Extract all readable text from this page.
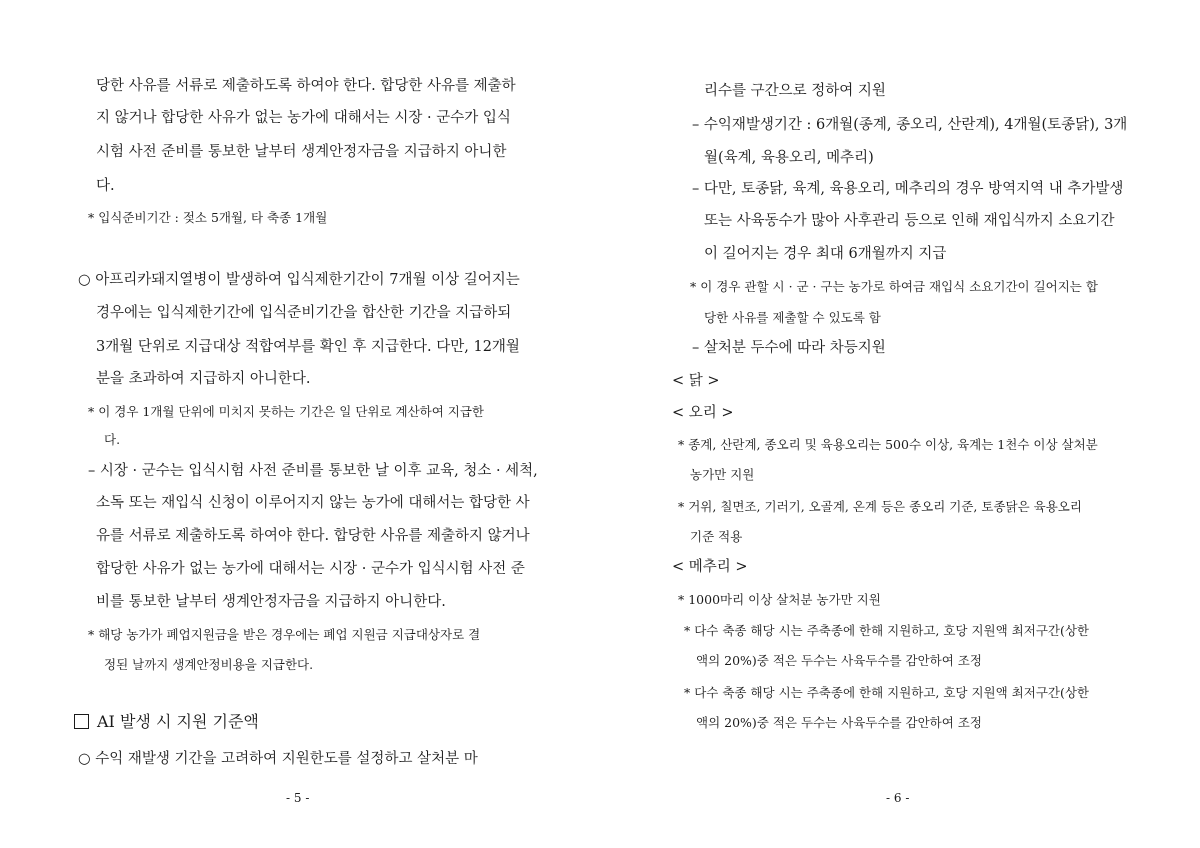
당한 사유를 서류로 제출하도록 하여야 한다. 합당한 사유를 제출하
지 않거나 합당한 사유가 없는 농가에 대해서는 시장 · 군수가 입식
시험 사전 준비를 통보한 날부터 생계안정자금을 지급하지 아니한
다.
* 입식준비기간 : 젖소 5개월, 타 축종 1개월
○ 아프리카돼지열병이 발생하여 입식제한기간이 7개월 이상 길어지는
경우에는 입식제한기간에 입식준비기간을 합산한 기간을 지급하되
3개월 단위로 지급대상 적합여부를 확인 후 지급한다. 다만, 12개월
분을 초과하여 지급하지 아니한다.
* 이 경우 1개월 단위에 미치지 못하는 기간은 일 단위로 계산하여 지급한
다.
– 시장 · 군수는 입식시험 사전 준비를 통보한 날 이후 교육, 청소 · 세척,
소독 또는 재입식 신청이 이루어지지 않는 농가에 대해서는 합당한 사
유를 서류로 제출하도록 하여야 한다. 합당한 사유를 제출하지 않거나
합당한 사유가 없는 농가에 대해서는 시장 · 군수가 입식시험 사전 준
비를 통보한 날부터 생계안정자금을 지급하지 아니한다.
* 해당 농가가 폐업지원금을 받은 경우에는 폐업 지원금 지급대상자로 결
정된 날까지 생계안정비용을 지급한다.
AI 발생 시 지원 기준액
○ 수익 재발생 기간을 고려하여 지원한도를 설정하고 살처분 마
- 5 -
리수를 구간으로 정하여 지원
– 수익재발생기간 : 6개월(종계, 종오리, 산란계), 4개월(토종닭), 3개
월(육계, 육용오리, 메추리)
– 다만, 토종닭, 육계, 육용오리, 메추리의 경우 방역지역 내 추가발생
또는 사육동수가 많아 사후관리 등으로 인해 재입식까지 소요기간
이 길어지는 경우 최대 6개월까지 지급
* 이 경우 관할 시 · 군 · 구는 농가로 하여금 재입식 소요기간이 길어지는 합
당한 사유를 제출할 수 있도록 함
– 살처분 두수에 따라 차등지원
< 닭 >
< 오리 >
* 종계, 산란계, 종오리 및 육용오리는 500수 이상, 육계는 1천수 이상 살처분
농가만 지원
* 거위, 칠면조, 기러기, 오골계, 온계 등은 종오리 기준, 토종닭은 육용오리
기준 적용
< 메추리 >
* 1000마리 이상 살처분 농가만 지원
* 다수 축종 해당 시는 주축종에 한해 지원하고, 호당 지원액 최저구간(상한
액의 20%)중 적은 두수는 사육두수를 감안하여 조정
* 다수 축종 해당 시는 주축종에 한해 지원하고, 호당 지원액 최저구간(상한
액의 20%)중 적은 두수는 사육두수를 감안하여 조정
- 6 -
